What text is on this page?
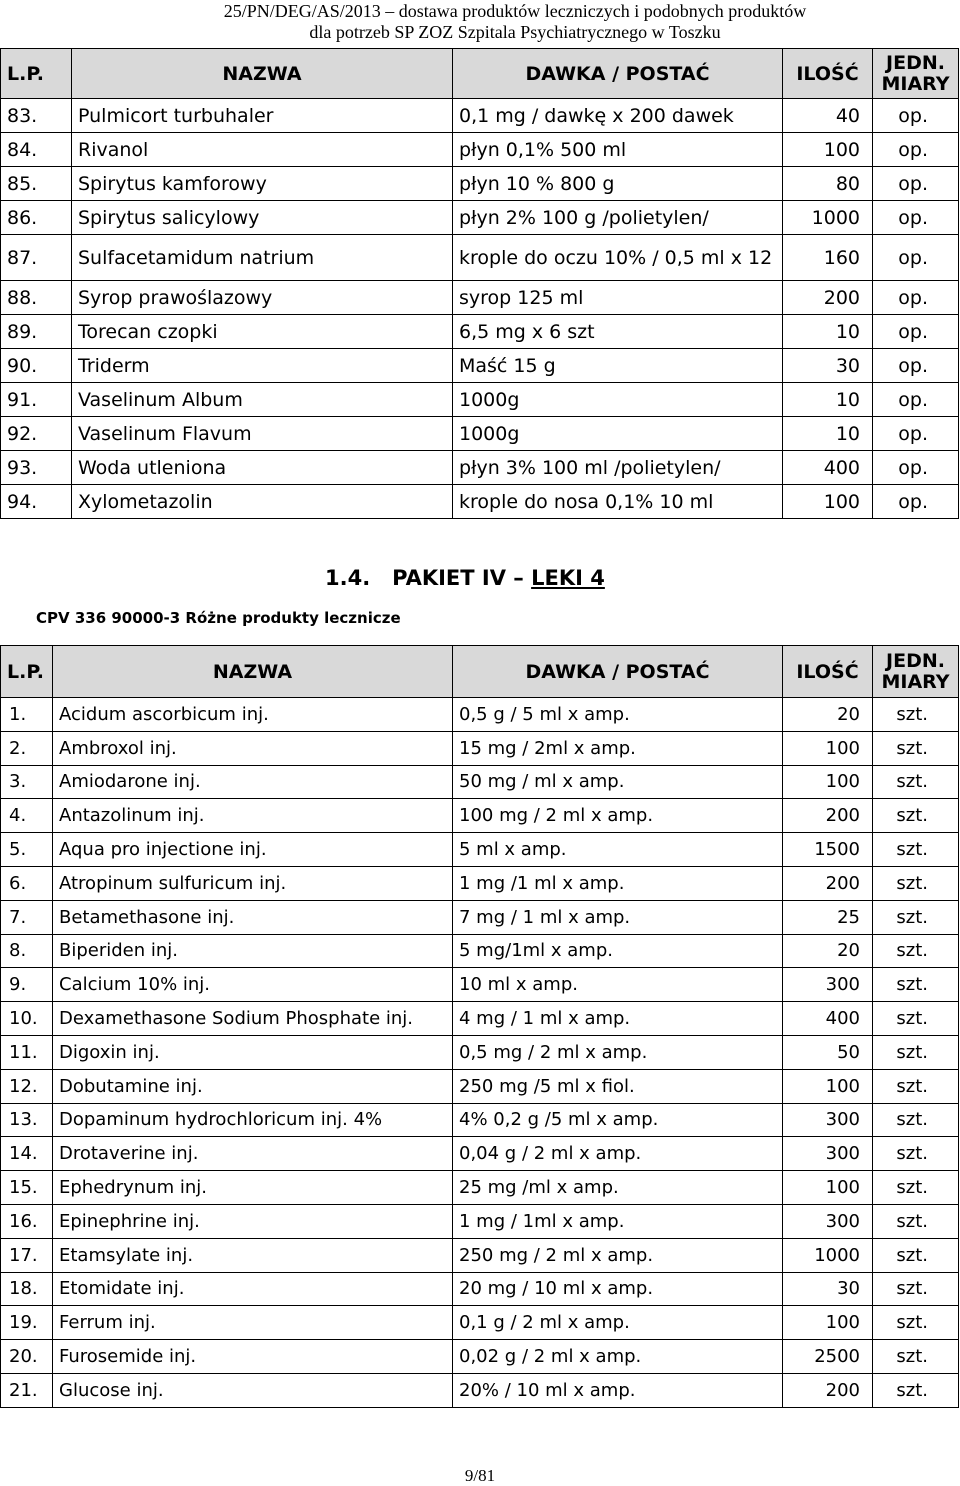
25/PN/DEG/AS/2013 – dostawa produktów leczniczych i podobnych produktów
dla potrzeb SP ZOZ Szpitala Psychiatrycznego w Toszku
L.P.	NAZWA	DAWKA / POSTAĆ	ILOŚĆ	JEDN.
MIARY

83.	Pulmicort turbuhaler	0,1 mg / dawkę x 200 dawek	40	op.
84.	Rivanol	płyn 0,1% 500 ml	100	op.
85.	Spirytus kamforowy	płyn 10 % 800 g	80	op.
86.	Spirytus salicylowy	płyn 2% 100 g /polietylen/	1000	op.
87.	Sulfacetamidum natrium	krople do oczu 10% / 0,5 ml x 12	160	op.
88.	Syrop prawoślazowy	syrop 125 ml	200	op.
89.	Torecan czopki	6,5 mg x 6 szt	10	op.
90.	Triderm	Maść 15 g	30	op.
91.	Vaselinum Album	1000g	10	op.
92.	Vaselinum Flavum	1000g	10	op.
93.	Woda utleniona	płyn 3% 100 ml /polietylen/	400	op.
94.	Xylometazolin	krople do nosa 0,1% 10 ml	100	op.
1.4. PAKIET IV – LEKI 4
CPV 336 90000-3 Różne produkty lecznicze
L.P.	NAZWA	DAWKA / POSTAĆ	ILOŚĆ	JEDN.
MIARY

1.	Acidum ascorbicum inj.	0,5 g / 5 ml x amp.	20	szt.
2.	Ambroxol inj.	15 mg / 2ml x amp.	100	szt.
3.	Amiodarone inj.	50 mg / ml x amp.	100	szt.
4.	Antazolinum inj.	100 mg / 2 ml x amp.	200	szt.
5.	Aqua pro injectione inj.	5 ml x amp.	1500	szt.
6.	Atropinum sulfuricum inj.	1 mg /1 ml x amp.	200	szt.
7.	Betamethasone inj.	7 mg / 1 ml x amp.	25	szt.
8.	Biperiden inj.	5 mg/1ml x amp.	20	szt.
9.	Calcium 10% inj.	10 ml x amp.	300	szt.
10.	Dexamethasone Sodium Phosphate inj.	4 mg / 1 ml x amp.	400	szt.
11.	Digoxin inj.	0,5 mg / 2 ml x amp.	50	szt.
12.	Dobutamine inj.	250 mg /5 ml x fiol.	100	szt.
13.	Dopaminum hydrochloricum inj. 4%	4% 0,2 g /5 ml x amp.	300	szt.
14.	Drotaverine inj.	0,04 g / 2 ml x amp.	300	szt.
15.	Ephedrynum inj.	25 mg /ml x amp.	100	szt.
16.	Epinephrine inj.	1 mg / 1ml x amp.	300	szt.
17.	Etamsylate inj.	250 mg / 2 ml x amp.	1000	szt.
18.	Etomidate inj.	20 mg / 10 ml x amp.	30	szt.
19.	Ferrum inj.	0,1 g / 2 ml x amp.	100	szt.
20.	Furosemide inj.	0,02 g / 2 ml x amp.	2500	szt.
21.	Glucose inj.	20% / 10 ml x amp.	200	szt.
9/81
